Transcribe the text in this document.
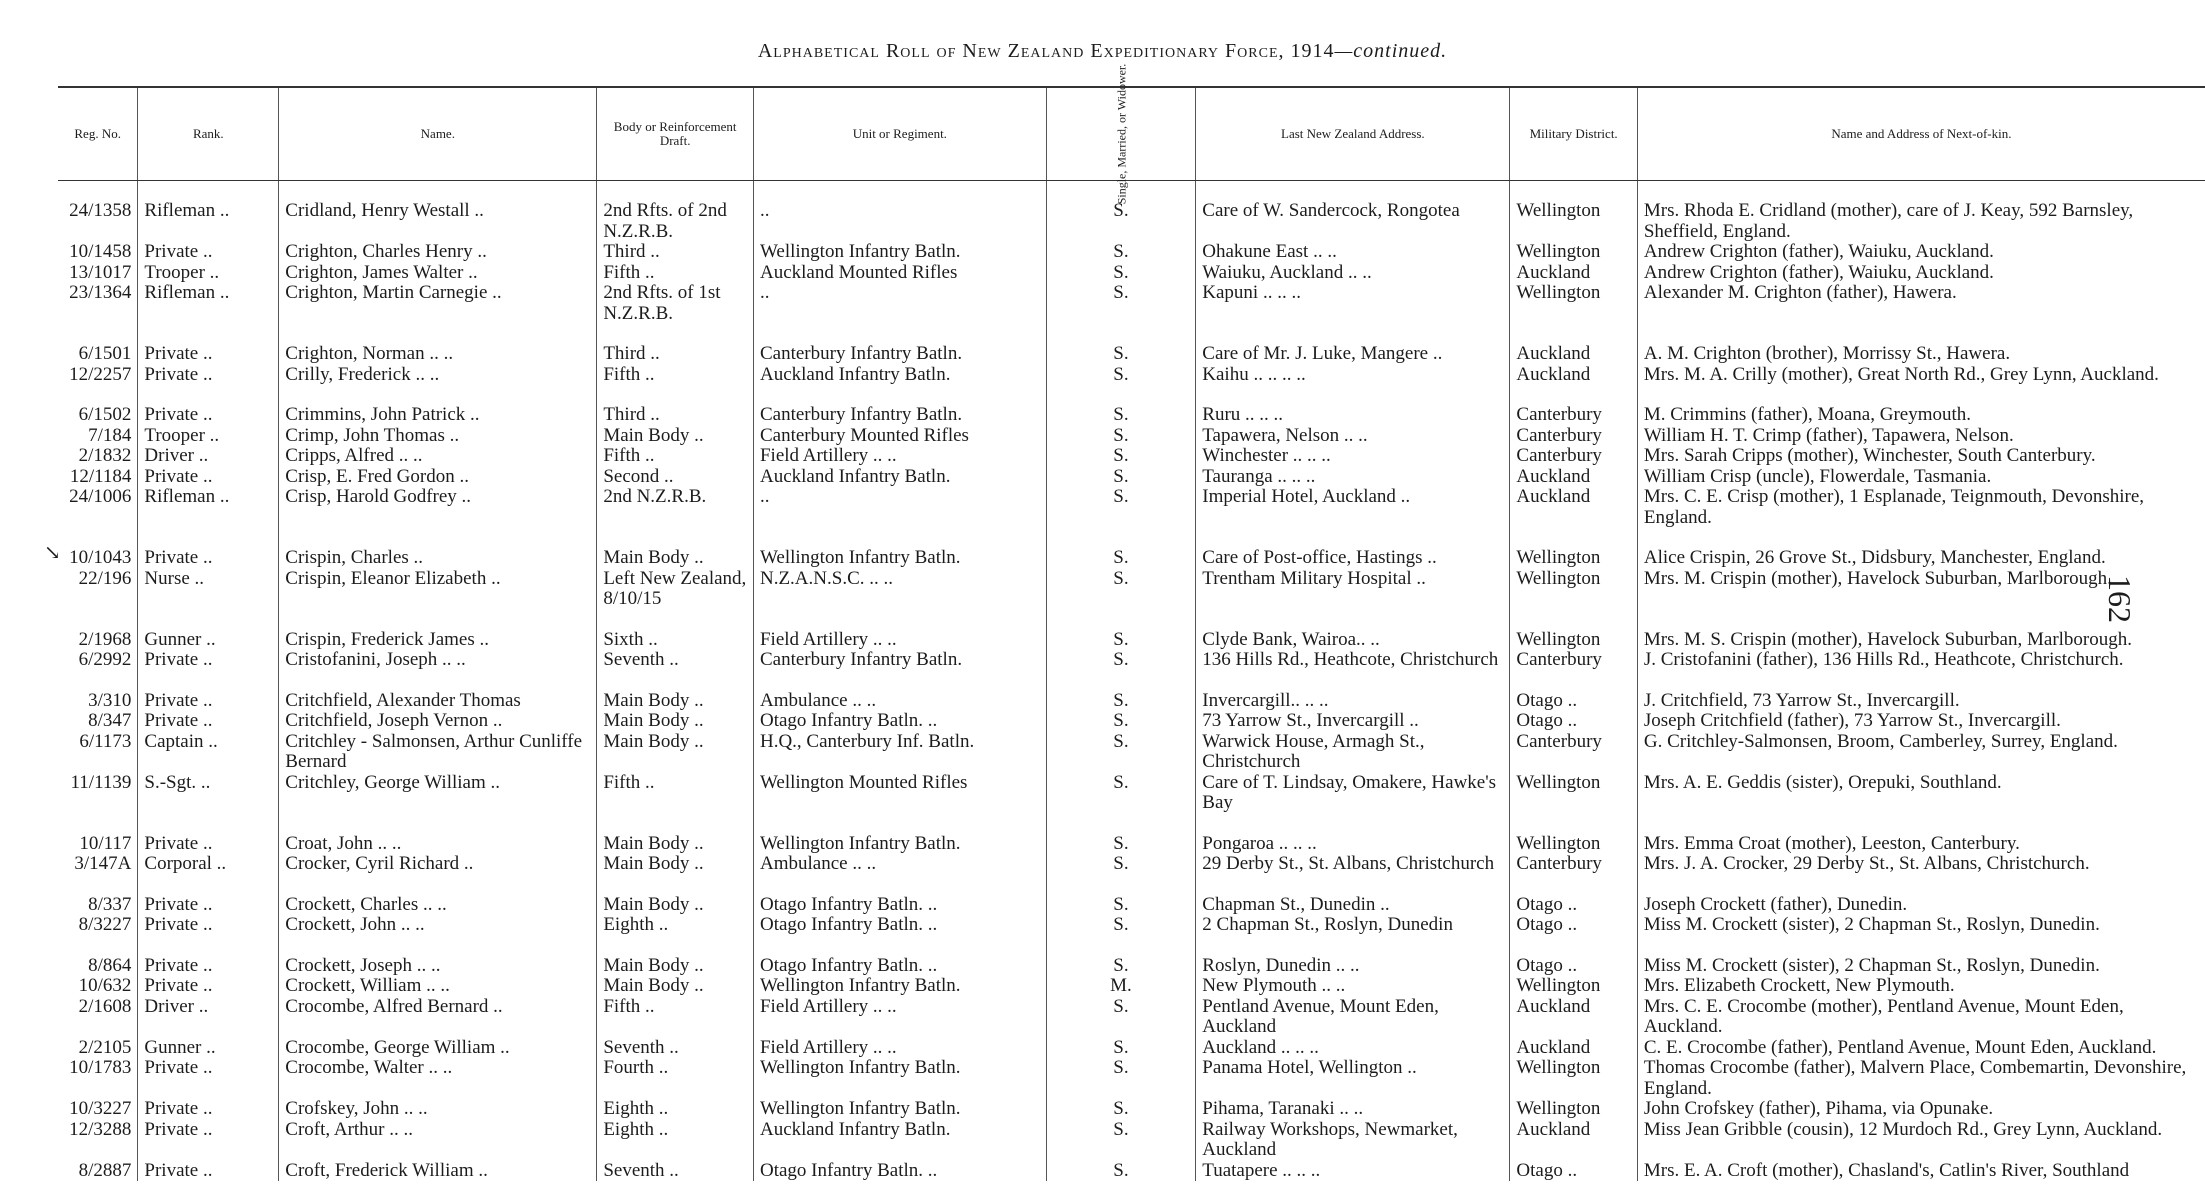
Alphabetical Roll of New Zealand Expeditionary Force, 1914—continued.
162
↘
Reg. No.	Rank.	Name.	Body or Reinforcement Draft.	Unit or Regiment.	Single, Married, or Widower.	Last New Zealand Address.	Military District.	Name and Address of Next-of-kin.

24/1358	Rifleman ..	Cridland, Henry Westall ..	2nd Rfts. of 2nd N.Z.R.B.	..	S.	Care of W. Sandercock, Rongotea	Wellington	Mrs. Rhoda E. Cridland (mother), care of J. Keay, 592 Barnsley, Sheffield, England.
10/1458	Private ..	Crighton, Charles Henry ..	Third ..	Wellington Infantry Batln.	S.	Ohakune East .. ..	Wellington	Andrew Crighton (father), Waiuku, Auckland.
13/1017	Trooper ..	Crighton, James Walter ..	Fifth ..	Auckland Mounted Rifles	S.	Waiuku, Auckland .. ..	Auckland	Andrew Crighton (father), Waiuku, Auckland.
23/1364	Rifleman ..	Crighton, Martin Carnegie ..	2nd Rfts. of 1st N.Z.R.B.	..	S.	Kapuni .. .. ..	Wellington	Alexander M. Crighton (father), Hawera.

6/1501	Private ..	Crighton, Norman .. ..	Third ..	Canterbury Infantry Batln.	S.	Care of Mr. J. Luke, Mangere ..	Auckland	A. M. Crighton (brother), Morrissy St., Hawera.
12/2257	Private ..	Crilly, Frederick .. ..	Fifth ..	Auckland Infantry Batln.	S.	Kaihu .. .. .. ..	Auckland	Mrs. M. A. Crilly (mother), Great North Rd., Grey Lynn, Auckland.

6/1502	Private ..	Crimmins, John Patrick ..	Third ..	Canterbury Infantry Batln.	S.	Ruru .. .. ..	Canterbury	M. Crimmins (father), Moana, Greymouth.
7/184	Trooper ..	Crimp, John Thomas ..	Main Body ..	Canterbury Mounted Rifles	S.	Tapawera, Nelson .. ..	Canterbury	William H. T. Crimp (father), Tapawera, Nelson.
2/1832	Driver ..	Cripps, Alfred .. ..	Fifth ..	Field Artillery .. ..	S.	Winchester .. .. ..	Canterbury	Mrs. Sarah Cripps (mother), Winchester, South Canterbury.
12/1184	Private ..	Crisp, E. Fred Gordon ..	Second ..	Auckland Infantry Batln.	S.	Tauranga .. .. ..	Auckland	William Crisp (uncle), Flowerdale, Tasmania.
24/1006	Rifleman ..	Crisp, Harold Godfrey ..	2nd N.Z.R.B.	..	S.	Imperial Hotel, Auckland ..	Auckland	Mrs. C. E. Crisp (mother), 1 Esplanade, Teignmouth, Devonshire, England.

10/1043	Private ..	Crispin, Charles ..	Main Body ..	Wellington Infantry Batln.	S.	Care of Post-office, Hastings ..	Wellington	Alice Crispin, 26 Grove St., Didsbury, Manchester, England.
22/196	Nurse ..	Crispin, Eleanor Elizabeth ..	Left New Zealand, 8/10/15	N.Z.A.N.S.C. .. ..	S.	Trentham Military Hospital ..	Wellington	Mrs. M. Crispin (mother), Havelock Suburban, Marlborough.

2/1968	Gunner ..	Crispin, Frederick James ..	Sixth ..	Field Artillery .. ..	S.	Clyde Bank, Wairoa.. ..	Wellington	Mrs. M. S. Crispin (mother), Havelock Suburban, Marlborough.
6/2992	Private ..	Cristofanini, Joseph .. ..	Seventh ..	Canterbury Infantry Batln.	S.	136 Hills Rd., Heathcote, Christchurch	Canterbury	J. Cristofanini (father), 136 Hills Rd., Heathcote, Christchurch.

3/310	Private ..	Critchfield, Alexander Thomas	Main Body ..	Ambulance .. ..	S.	Invercargill.. .. ..	Otago ..	J. Critchfield, 73 Yarrow St., Invercargill.
8/347	Private ..	Critchfield, Joseph Vernon ..	Main Body ..	Otago Infantry Batln. ..	S.	73 Yarrow St., Invercargill ..	Otago ..	Joseph Critchfield (father), 73 Yarrow St., Invercargill.
6/1173	Captain ..	Critchley - Salmonsen, Arthur Cunliffe Bernard	Main Body ..	H.Q., Canterbury Inf. Batln.	S.	Warwick House, Armagh St., Christchurch	Canterbury	G. Critchley-Salmonsen, Broom, Camberley, Surrey, England.
11/1139	S.-Sgt. ..	Critchley, George William ..	Fifth ..	Wellington Mounted Rifles	S.	Care of T. Lindsay, Omakere, Hawke's Bay	Wellington	Mrs. A. E. Geddis (sister), Orepuki, Southland.

10/117	Private ..	Croat, John .. ..	Main Body ..	Wellington Infantry Batln.	S.	Pongaroa .. .. ..	Wellington	Mrs. Emma Croat (mother), Leeston, Canterbury.
3/147A	Corporal ..	Crocker, Cyril Richard ..	Main Body ..	Ambulance .. ..	S.	29 Derby St., St. Albans, Christchurch	Canterbury	Mrs. J. A. Crocker, 29 Derby St., St. Albans, Christchurch.

8/337	Private ..	Crockett, Charles .. ..	Main Body ..	Otago Infantry Batln. ..	S.	Chapman St., Dunedin ..	Otago ..	Joseph Crockett (father), Dunedin.
8/3227	Private ..	Crockett, John .. ..	Eighth ..	Otago Infantry Batln. ..	S.	2 Chapman St., Roslyn, Dunedin	Otago ..	Miss M. Crockett (sister), 2 Chapman St., Roslyn, Dunedin.

8/864	Private ..	Crockett, Joseph .. ..	Main Body ..	Otago Infantry Batln. ..	S.	Roslyn, Dunedin .. ..	Otago ..	Miss M. Crockett (sister), 2 Chapman St., Roslyn, Dunedin.
10/632	Private ..	Crockett, William .. ..	Main Body ..	Wellington Infantry Batln.	M.	New Plymouth .. ..	Wellington	Mrs. Elizabeth Crockett, New Plymouth.
2/1608	Driver ..	Crocombe, Alfred Bernard ..	Fifth ..	Field Artillery .. ..	S.	Pentland Avenue, Mount Eden, Auckland	Auckland	Mrs. C. E. Crocombe (mother), Pentland Avenue, Mount Eden, Auckland.
2/2105	Gunner ..	Crocombe, George William ..	Seventh ..	Field Artillery .. ..	S.	Auckland .. .. ..	Auckland	C. E. Crocombe (father), Pentland Avenue, Mount Eden, Auckland.
10/1783	Private ..	Crocombe, Walter .. ..	Fourth ..	Wellington Infantry Batln.	S.	Panama Hotel, Wellington ..	Wellington	Thomas Crocombe (father), Malvern Place, Combemartin, Devonshire, England.
10/3227	Private ..	Crofskey, John .. ..	Eighth ..	Wellington Infantry Batln.	S.	Pihama, Taranaki .. ..	Wellington	John Crofskey (father), Pihama, via Opunake.
12/3288	Private ..	Croft, Arthur .. ..	Eighth ..	Auckland Infantry Batln.	S.	Railway Workshops, Newmarket, Auckland	Auckland	Miss Jean Gribble (cousin), 12 Murdoch Rd., Grey Lynn, Auckland.
8/2887	Private ..	Croft, Frederick William ..	Seventh ..	Otago Infantry Batln. ..	S.	Tuatapere .. .. ..	Otago ..	Mrs. E. A. Croft (mother), Chasland's, Catlin's River, Southland
